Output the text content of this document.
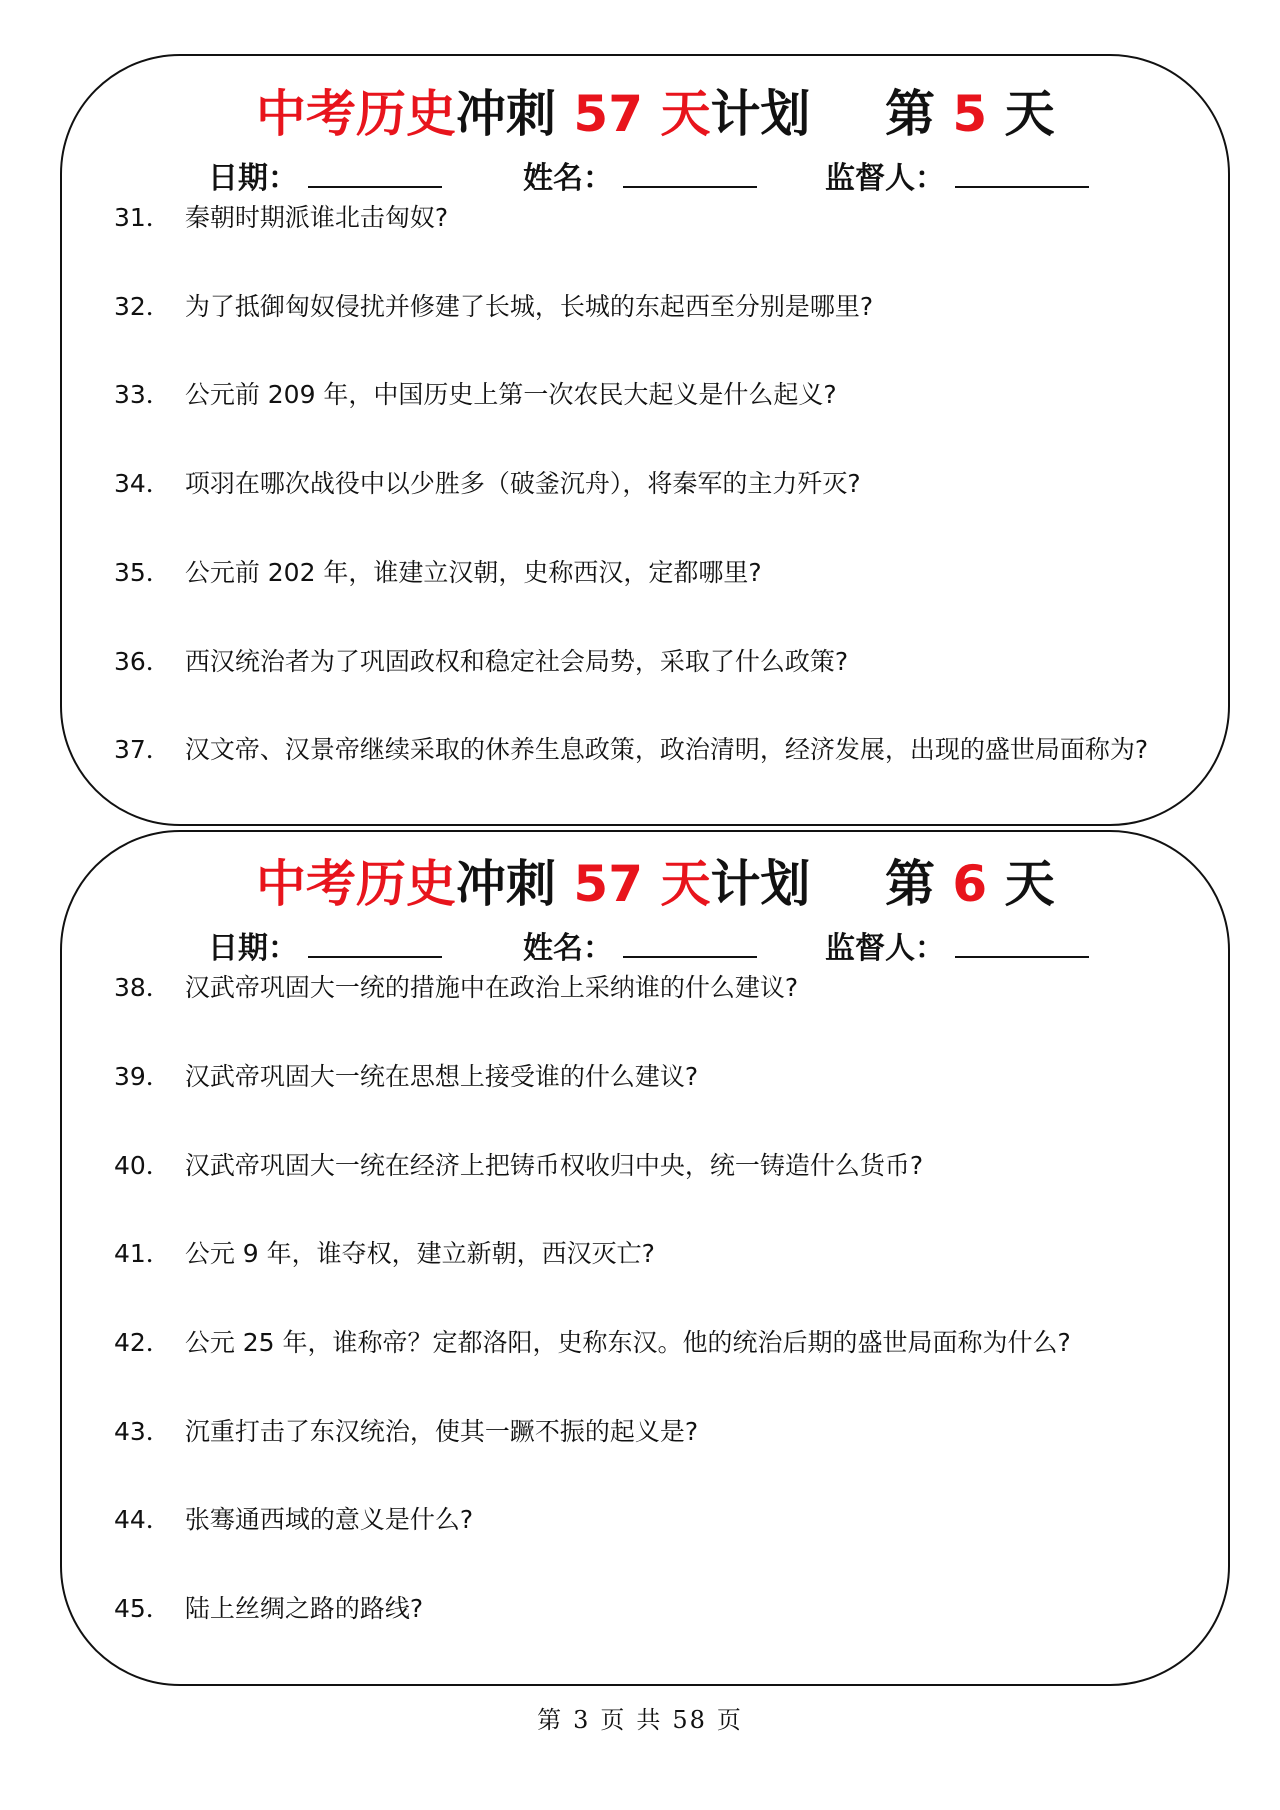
中考历史冲刺 57 天计划 第 5 天
日期：	姓名：	监督人：
31． 秦朝时期派谁北击匈奴?
32． 为了抵御匈奴侵扰并修建了长城，长城的东起西至分别是哪里?
33． 公元前 209 年，中国历史上第一次农民大起义是什么起义?
34． 项羽在哪次战役中以少胜多（破釜沉舟），将秦军的主力歼灭?
35． 公元前 202 年，谁建立汉朝，史称西汉，定都哪里?
36． 西汉统治者为了巩固政权和稳定社会局势，采取了什么政策?
37． 汉文帝、汉景帝继续采取的休养生息政策，政治清明，经济发展，出现的盛世局面称为?
中考历史冲刺 57 天计划 第 6 天
日期：	姓名：	监督人：
38． 汉武帝巩固大一统的措施中在政治上采纳谁的什么建议?
39． 汉武帝巩固大一统在思想上接受谁的什么建议?
40． 汉武帝巩固大一统在经济上把铸币权收归中央，统一铸造什么货币?
41． 公元 9 年，谁夺权，建立新朝，西汉灭亡?
42． 公元 25 年，谁称帝？定都洛阳，史称东汉。他的统治后期的盛世局面称为什么?
43． 沉重打击了东汉统治，使其一蹶不振的起义是?
44． 张骞通西域的意义是什么?
45． 陆上丝绸之路的路线?
第 3 页 共 58 页
